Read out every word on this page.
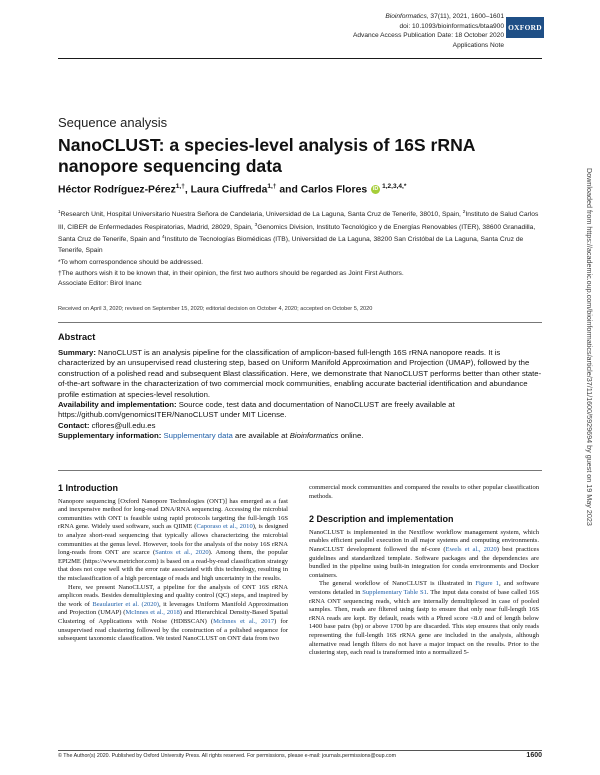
Bioinformatics, 37(11), 2021, 1600–1601
doi: 10.1093/bioinformatics/btaa900
Advance Access Publication Date: 18 October 2020
Applications Note
OXFORD
Sequence analysis
NanoCLUST: a species-level analysis of 16S rRNA nanopore sequencing data
Héctor Rodríguez-Pérez$^{1,\dagger}$, Laura Ciuffreda$^{1,\dagger}$ and Carlos Flores iD $^{1,2,3,4,*}$
$^1$Research Unit, Hospital Universitario Nuestra Señora de Candelaria, Universidad de La Laguna, Santa Cruz de Tenerife, 38010, Spain, $^2$Instituto de Salud Carlos III, CIBER de Enfermedades Respiratorias, Madrid, 28029, Spain, $^3$Genomics Division, Instituto Tecnológico y de Energías Renovables (ITER), 38600 Granadilla, Santa Cruz de Tenerife, Spain and $^4$Instituto de Tecnologías Biomédicas (ITB), Universidad de La Laguna, 38200 San Cristóbal de La Laguna, Santa Cruz de Tenerife, Spain
*To whom correspondence should be addressed.
†The authors wish it to be known that, in their opinion, the first two authors should be regarded as Joint First Authors.
Associate Editor: Birol Inanc
Received on April 3, 2020; revised on September 15, 2020; editorial decision on October 4, 2020; accepted on October 5, 2020
Abstract

Summary: NanoCLUST is an analysis pipeline for the classification of amplicon-based full-length 16S rRNA nanopore reads. It is characterized by an unsupervised read clustering step, based on Uniform Manifold Approximation and Projection (UMAP), followed by the construction of a polished read and subsequent Blast classification. Here, we demonstrate that NanoCLUST performs better than other state-of-the-art software in the characterization of two commercial mock communities, enabling accurate bacterial identification and abundance profile estimation at species-level resolution.

Availability and implementation: Source code, test data and documentation of NanoCLUST are freely available at https://github.com/genomicsITER/NanoCLUST under MIT License.

Contact: cflores@ull.edu.es

Supplementary information: Supplementary data are available at Bioinformatics online.

1 Introduction

Nanopore sequencing [Oxford Nanopore Technologies (ONT)] has emerged as a fast and inexpensive method for long-read DNA/RNA sequencing. Accessing the microbial communities with ONT is feasible using rapid protocols targeting the full-length 16S rRNA gene. Widely used software, such as QIIME (Caporaso et al., 2010), is designed to analyze short-read sequencing that typically allows characterizing the microbial communities at the genus level. However, tools for the analysis of the noisy 16S rRNA long-reads from ONT are scarce (Santos et al., 2020). Among them, the popular EPI2ME (https://www.metrichor.com) is based on a read-by-read classification strategy that does not cope well with the error rate associated with this technology, resulting in the misclassification of a high percentage of reads and high uncertainty in the results.

Here, we present NanoCLUST, a pipeline for the analysis of ONT 16S rRNA amplicon reads. Besides demultiplexing and quality control (QC) steps, and inspired by the work of Beaulaurier et al. (2020), it leverages Uniform Manifold Approximation and Projection (UMAP) (McInnes et al., 2018) and Hierarchical Density-Based Spatial Clustering of Applications with Noise (HDBSCAN) (McInnes et al., 2017) for unsupervised read clustering followed by the construction of a polished sequence for subsequent taxonomic classification. We tested NanoCLUST on ONT data from two

commercial mock communities and compared the results to other popular classification methods.

2 Description and implementation

NanoCLUST is implemented in the Nextflow workflow management system, which enables efficient parallel execution in all major systems and computing environments. NanoCLUST development followed the nf-core (Ewels et al., 2020) best practices guidelines and standardized template. Software packages and the dependencies are bundled in the pipeline using built-in integration for conda environments and Docker containers.

The general workflow of NanoCLUST is illustrated in Figure 1, and software versions detailed in Supplementary Table S1. The input data consist of base called 16S rRNA ONT sequencing reads, which are internally demultiplexed in case of pooled samples. Then, reads are filtered using fastp to ensure that only near full-length 16S rRNA reads are kept. By default, reads with a Phred score <8.0 and of length below 1400 base pairs (bp) or above 1700 bp are discarded. This step ensures that only reads representing the full-length 16S rRNA gene are included in the analysis, although alternative read length filters do not have a major impact on the results. Prior to the clustering step, each read is transformed into a normalized 5-

© The Author(s) 2020. Published by Oxford University Press. All rights reserved. For permissions, please e-mail: journals.permissions@oup.com	1600
Downloaded from https://academic.oup.com/bioinformatics/article/37/11/1600/5929694 by guest on 19 May 2023
